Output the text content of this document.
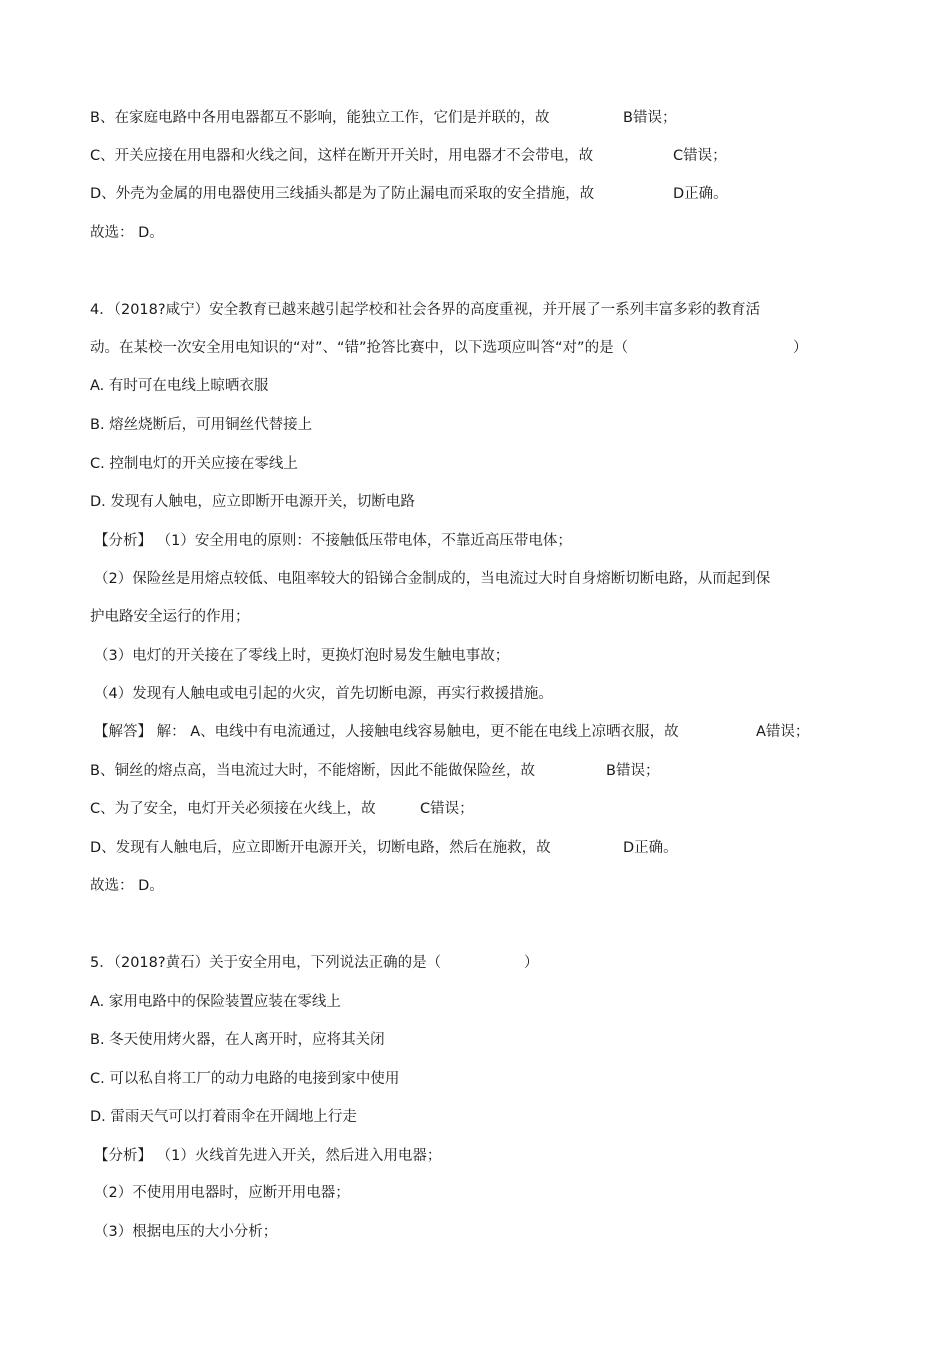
B、在家庭电路中各用电器都互不影响，能独立工作，它们是并联的，故	B错误；
C、开关应接在用电器和火线之间，这样在断开开关时，用电器才不会带电，故	C错误；
D、外壳为金属的用电器使用三线插头都是为了防止漏电而采取的安全措施，故	D正确。
故选： D。
4．（2018?咸宁）安全教育已越来越引起学校和社会各界的高度重视，并开展了一系列丰富多彩的教育活
动。在某校一次安全用电知识的“对”、“错”抢答比赛中，以下选项应叫答“对”的是（	）
A. 有时可在电线上晾晒衣服
B. 熔丝烧断后，可用铜丝代替接上
C. 控制电灯的开关应接在零线上
D. 发现有人触电，应立即断开电源开关，切断电路
【分析】 （1）安全用电的原则：不接触低压带电体，不靠近高压带电体；
（2）保险丝是用熔点较低、电阻率较大的铅锑合金制成的，当电流过大时自身熔断切断电路，从而起到保
护电路安全运行的作用；
（3）电灯的开关接在了零线上时，更换灯泡时易发生触电事故；
（4）发现有人触电或电引起的火灾，首先切断电源，再实行救援措施。
【解答】 解： A、电线中有电流通过，人接触电线容易触电，更不能在电线上凉晒衣服，故	A错误；
B、铜丝的熔点高，当电流过大时，不能熔断，因此不能做保险丝，故	B错误；
C、为了安全，电灯开关必须接在火线上，故	C错误；
D、发现有人触电后，应立即断开电源开关，切断电路，然后在施救，故	D正确。
故选： D。
5．（2018?黄石）关于安全用电，下列说法正确的是（	）
A. 家用电路中的保险装置应装在零线上
B. 冬天使用烤火器，在人离开时，应将其关闭
C. 可以私自将工厂的动力电路的电接到家中使用
D. 雷雨天气可以打着雨伞在开阔地上行走
【分析】 （1）火线首先进入开关，然后进入用电器；
（2）不使用用电器时，应断开用电器；
（3）根据电压的大小分析；
